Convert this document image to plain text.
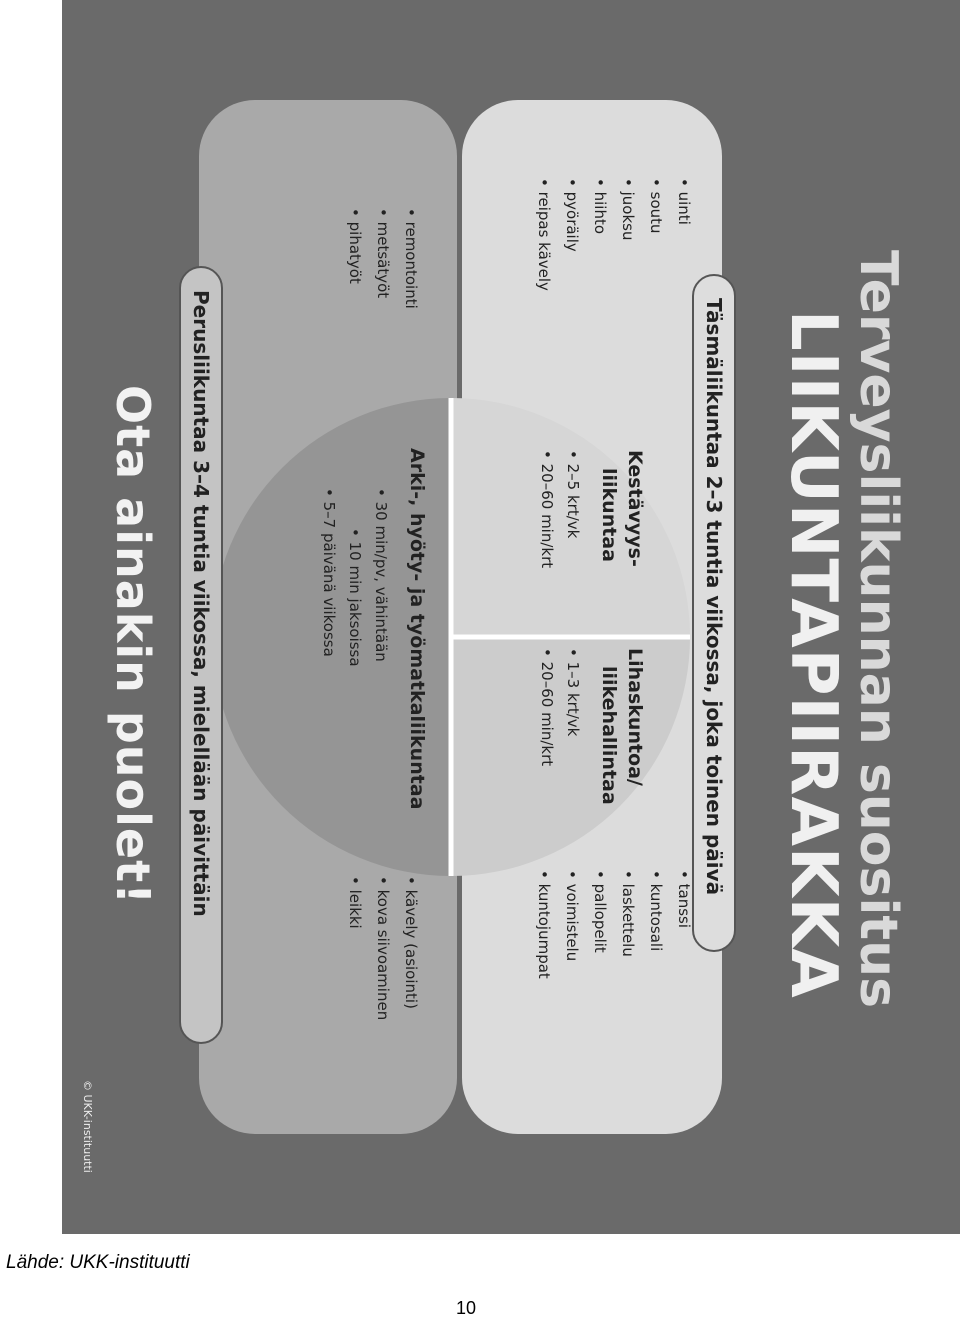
Terveysliikunnan suositus
LIIKUNTAPIIRAKKA
Täsmäliikuntaa 2–3 tuntia viikossa, joka toinen päivä
• uinti
• soutu
• juoksu
• hiihto
• pyöräily
• reipas kävely
• tanssi
• kuntosali
• laskettelu
• pallopelit
• voimistelu
• kuntojumpat
Kestävyys-
liikuntaa
• 2–5 krt/vk
• 20–60 min/krt
Lihaskuntoa/
liikehallintaa
• 1–3 krt/vk
• 20–60 min/krt
Arki-, hyöty- ja työmatkaliikuntaa
• 30 min/pv, vähintään
• 10 min jaksoissa
• 5–7 päivänä viikossa
• remontointi
• metsätyöt
• pihatyöt
• kävely (asiointi)
• kova siivoaminen
• leikki
Perusliikuntaa 3–4 tuntia viikossa, mielellään päivittäin
Ota ainakin puolet!
© UKK-instituutti
Lähde: UKK-instituutti
10
